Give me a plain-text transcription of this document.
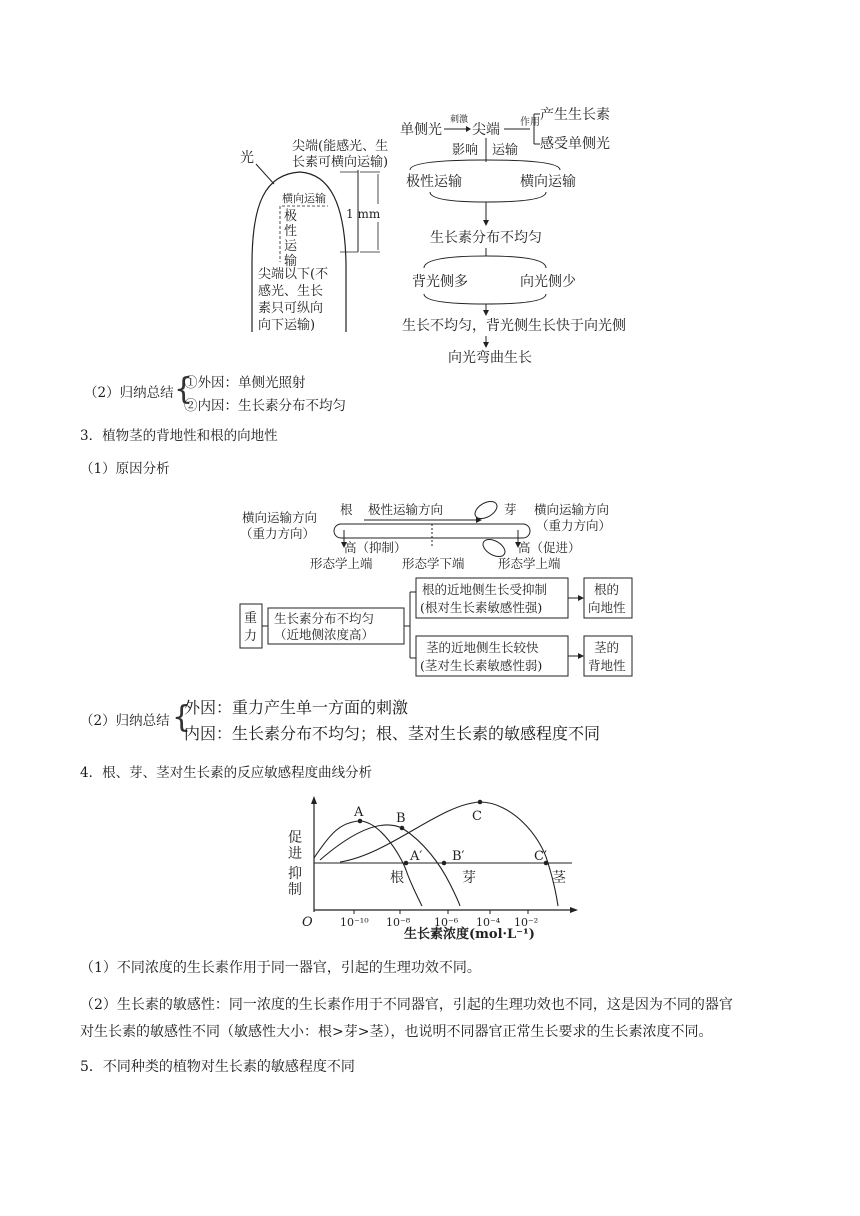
光
尖端(能感光、生
长素可横向运输)
横向运输
极
性
运
输
1 mm
尖端以下(不
感光、生长
素只可纵向
向下运输)
单侧光
刺激
尖端 作用 产生生长素
感受单侧光
影响 运输
极性运输	横向运输
生长素分布不均匀
背光侧多	向光侧少
生长不均匀，背光侧生长快于向光侧
向光弯曲生长
（2）归纳总结 {
①外因：单侧光照射
②内因：生长素分布不均匀
3．植物茎的背地性和根的向地性
（1）原因分析
横向运输方向
（重力方向）
根 极性运输方向	芽 横向运输方向
（重力方向）
高（抑制）	高（促进）
形态学上端 形态学下端	形态学上端
重
力
生长素分布不均匀
（近地侧浓度高）
根的近地侧生长受抑制
(根对生长素敏感性强)
根的
向地性
茎的近地侧生长较快
(茎对生长素敏感性弱)
茎的
背地性
（2）归纳总结 {
外因：重力产生单一方面的刺激
内因：生长素分布不均匀；根、茎对生长素的敏感程度不同
4．根、芽、茎对生长素的反应敏感程度曲线分析
促
进
抑
制
O
A
A′
根
B
B′
芽
C
C′
茎
10⁻¹⁰ 10⁻⁸ 10⁻⁶ 10⁻⁴ 10⁻²
生长素浓度(mol·L⁻¹)
（1）不同浓度的生长素作用于同一器官，引起的生理功效不同。
（2）生长素的敏感性：同一浓度的生长素作用于不同器官，引起的生理功效也不同，这是因为不同的器官
对生长素的敏感性不同（敏感性大小：根>芽>茎），也说明不同器官正常生长要求的生长素浓度不同。
5．不同种类的植物对生长素的敏感程度不同
